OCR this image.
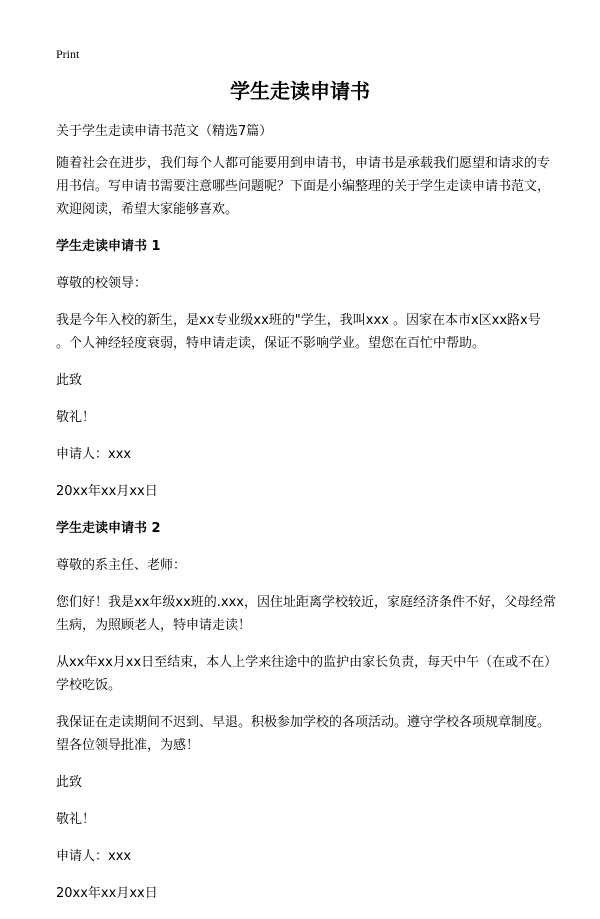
Print
学生走读申请书

关于学生走读申请书范文（精选7篇）

随着社会在进步，我们每个人都可能要用到申请书，申请书是承载我们愿望和请求的专用书信。写申请书需要注意哪些问题呢？下面是小编整理的关于学生走读申请书范文，欢迎阅读，希望大家能够喜欢。

学生走读申请书 1

尊敬的校领导：

我是今年入校的新生，是xx专业级xx班的"学生，我叫xxx 。因家在本市x区xx路x号 。个人神经轻度衰弱，特申请走读，保证不影响学业。望您在百忙中帮助。

此致

敬礼！

申请人：xxx

20xx年xx月xx日

学生走读申请书 2

尊敬的系主任、老师：

您们好！我是xx年级xx班的.xxx，因住址距离学校较近，家庭经济条件不好，父母经常生病，为照顾老人，特申请走读！

从xx年xx月xx日至结束，本人上学来往途中的监护由家长负责，每天中午（在或不在）学校吃饭。

我保证在走读期间不迟到、早退。积极参加学校的各项活动。遵守学校各项规章制度。望各位领导批准，为感！

此致

敬礼！

申请人：xxx

20xx年xx月xx日
